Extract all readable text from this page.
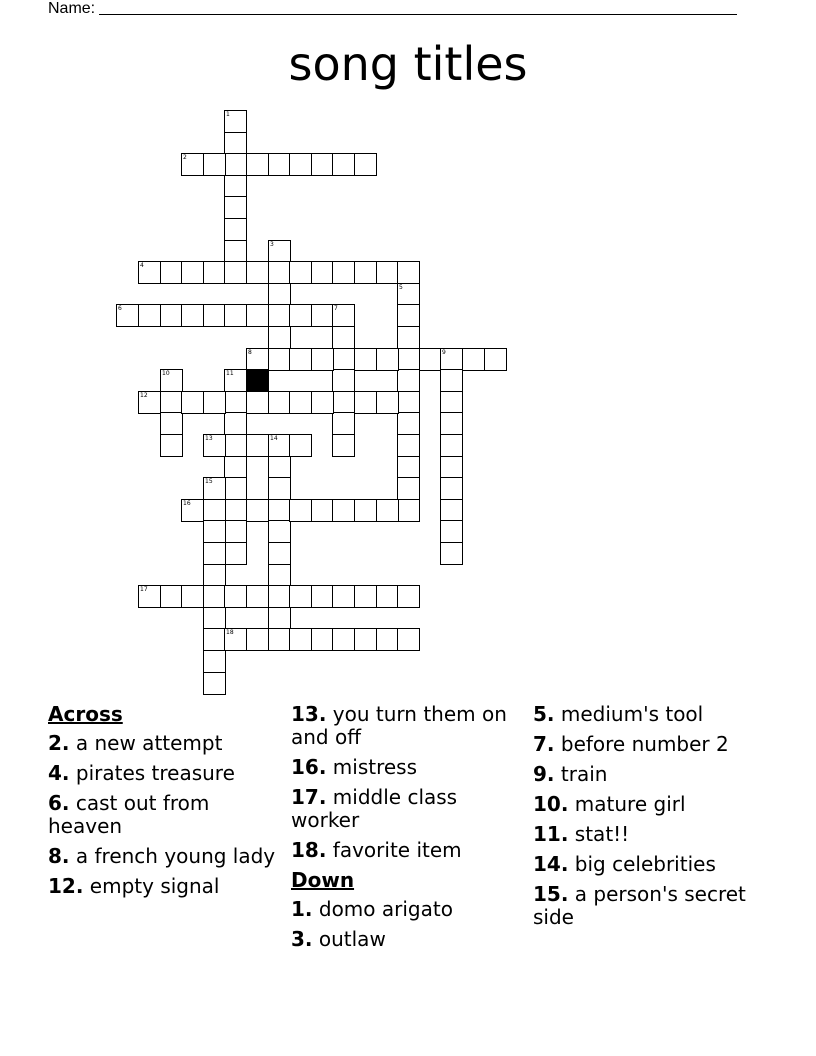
Name:
song titles
1
2
3
4
5
6	7
8	9
10	11
12
13	14
15
16
17
18
Across
2. a new attempt
4. pirates treasure
6. cast out from heaven
8. a french young lady
12. empty signal
13. you turn them on and off
16. mistress
17. middle class worker
18. favorite item
Down
1. domo arigato
3. outlaw
5. medium's tool
7. before number 2
9. train
10. mature girl
11. stat!!
14. big celebrities
15. a person's secret side
